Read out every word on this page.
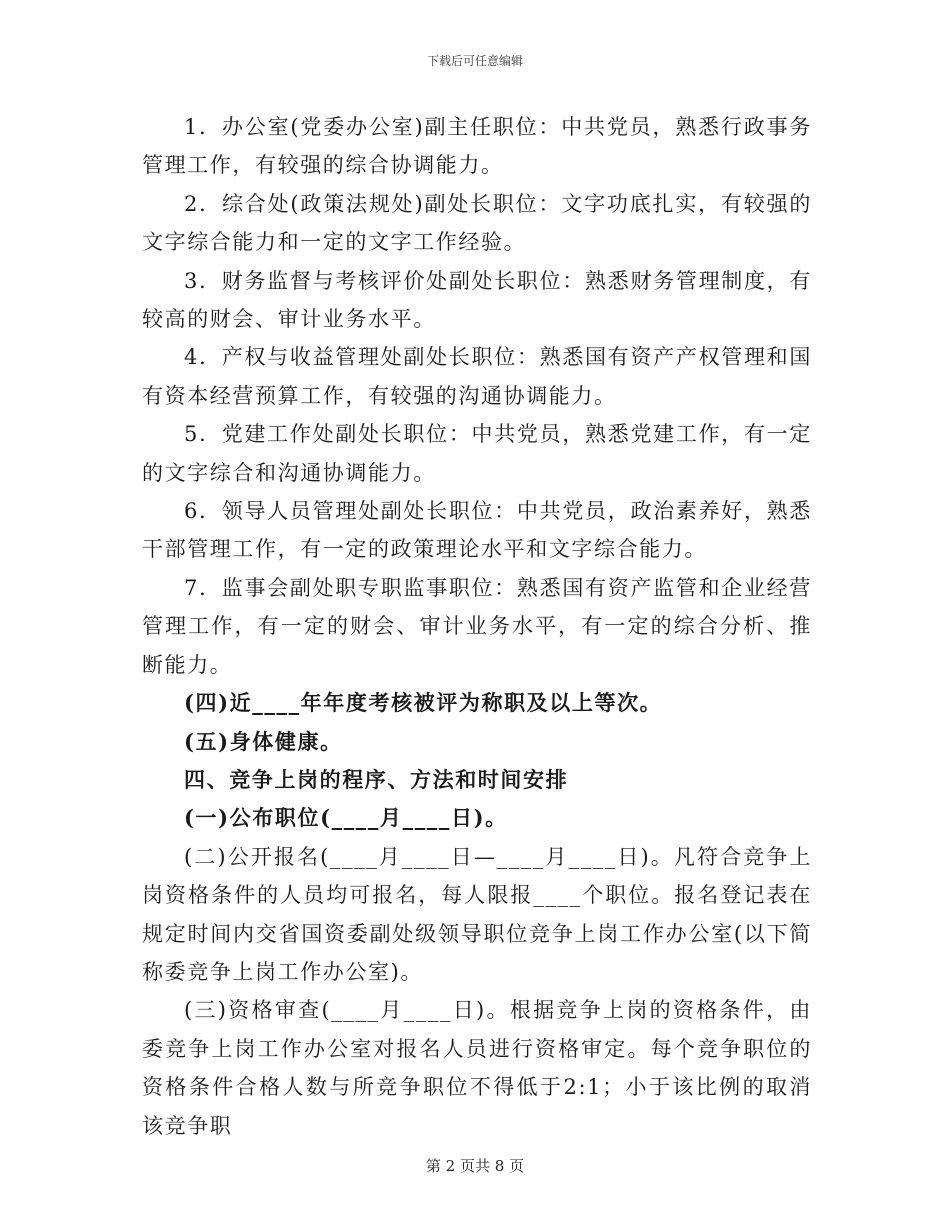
下载后可任意编辑

1．办公室(党委办公室)副主任职位：中共党员，熟悉行政事务管理工作，有较强的综合协调能力。

2．综合处(政策法规处)副处长职位：文字功底扎实，有较强的文字综合能力和一定的文字工作经验。

3．财务监督与考核评价处副处长职位：熟悉财务管理制度，有较高的财会、审计业务水平。

4．产权与收益管理处副处长职位：熟悉国有资产产权管理和国有资本经营预算工作，有较强的沟通协调能力。

5．党建工作处副处长职位：中共党员，熟悉党建工作，有一定的文字综合和沟通协调能力。

6．领导人员管理处副处长职位：中共党员，政治素养好，熟悉干部管理工作，有一定的政策理论水平和文字综合能力。

7．监事会副处职专职监事职位：熟悉国有资产监管和企业经营管理工作，有一定的财会、审计业务水平，有一定的综合分析、推断能力。

(四)近____年年度考核被评为称职及以上等次。

(五)身体健康。

四、竞争上岗的程序、方法和时间安排

(一)公布职位(____月____日)。

(二)公开报名(____月____日—____月____日)。凡符合竞争上岗资格条件的人员均可报名，每人限报____个职位。报名登记表在规定时间内交省国资委副处级领导职位竞争上岗工作办公室(以下简称委竞争上岗工作办公室)。

(三)资格审查(____月____日)。根据竞争上岗的资格条件，由委竞争上岗工作办公室对报名人员进行资格审定。每个竞争职位的资格条件合格人数与所竞争职位不得低于2:1；小于该比例的取消该竞争职

第 2 页共 8 页
